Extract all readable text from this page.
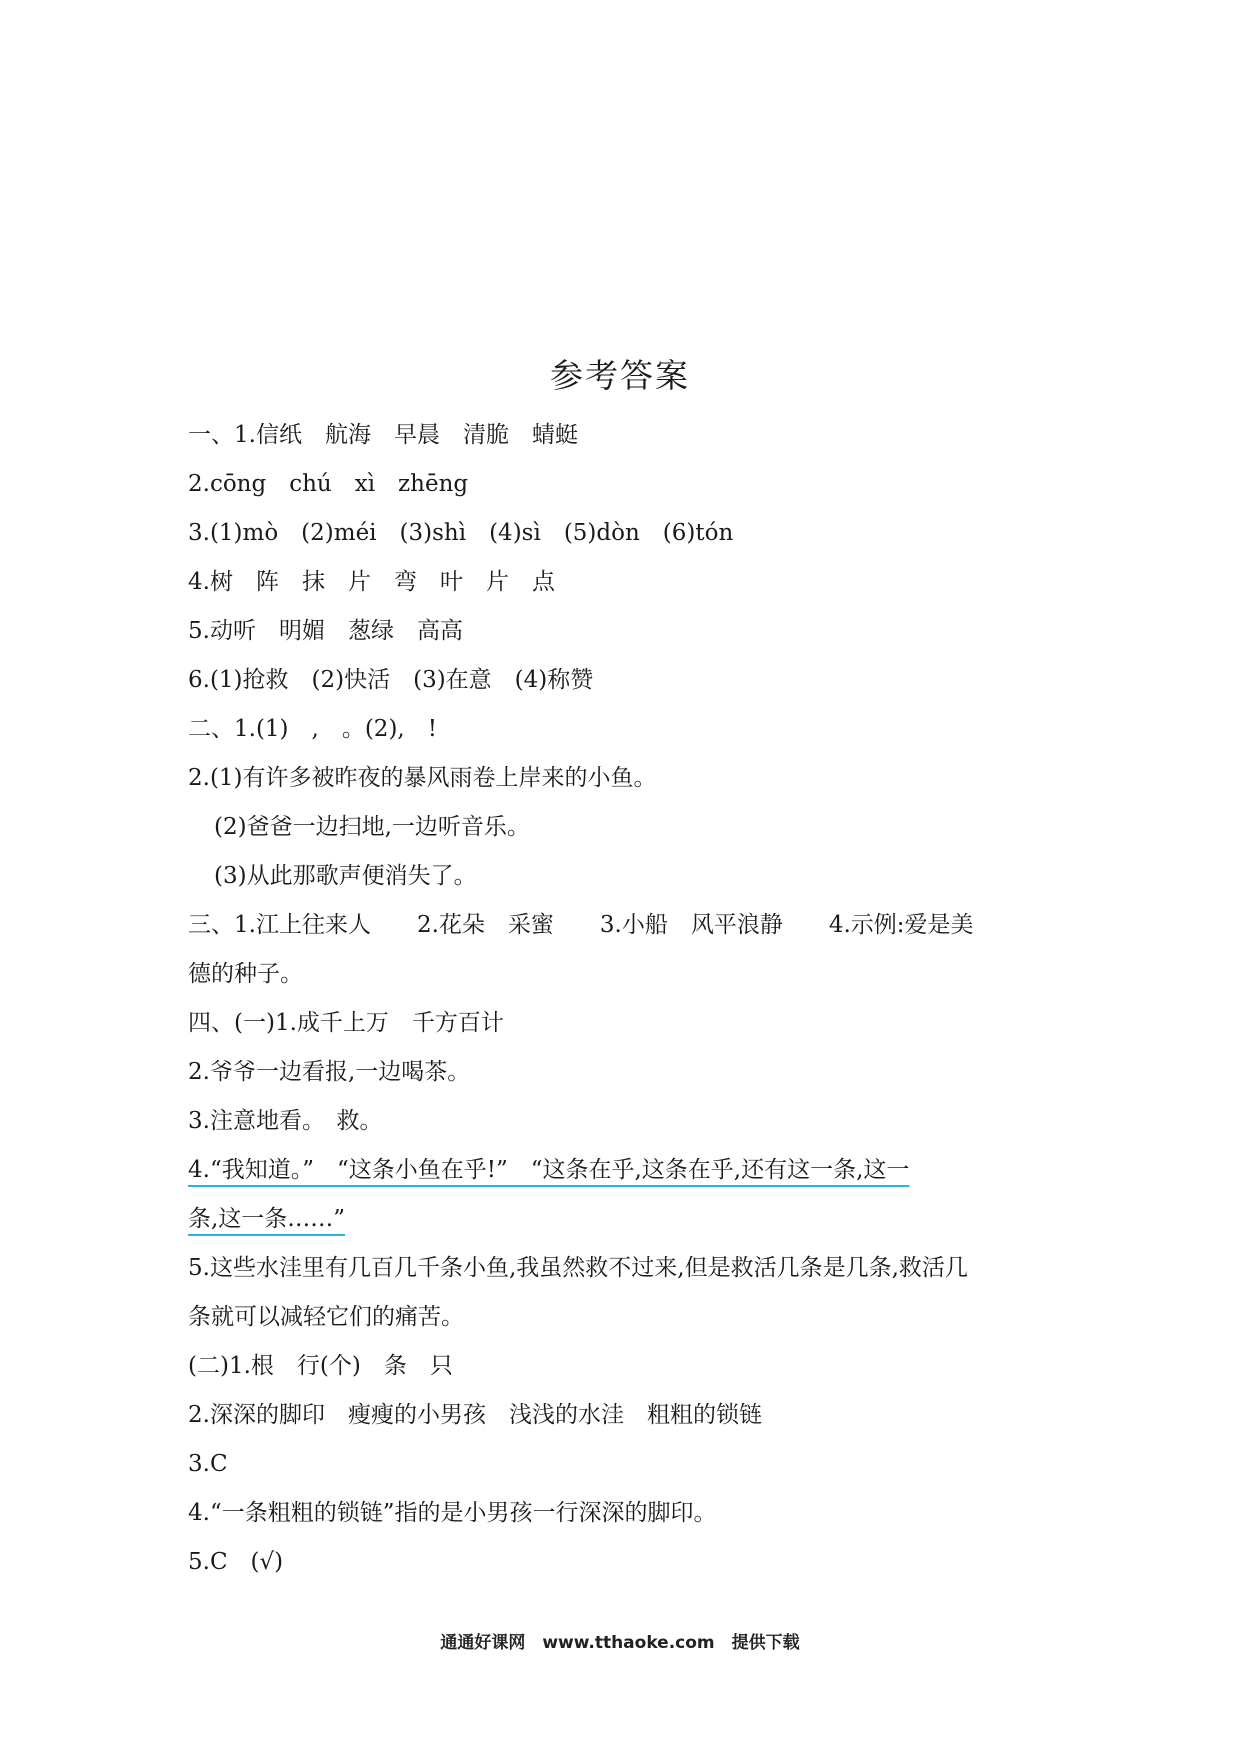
参考答案
一、1.信纸　航海　早晨　清脆　蜻蜓
2.cōng　chú　xì　zhēng
3.(1)mò　(2)méi　(3)shì　(4)sì　(5)dòn　(6)tón
4.树　阵　抹　片　弯　叶　片　点
5.动听　明媚　葱绿　高高
6.(1)抢救　(2)快活　(3)在意　(4)称赞
二、1.(1)　,　。(2),　!
2.(1)有许多被昨夜的暴风雨卷上岸来的小鱼。
(2)爸爸一边扫地,一边听音乐。
(3)从此那歌声便消失了。
三、1.江上往来人　　2.花朵　采蜜　　3.小船　风平浪静　　4.示例:爱是美
德的种子。
四、(一)1.成千上万　千方百计
2.爷爷一边看报,一边喝茶。
3.注意地看。　救。
4.“我知道。”　“这条小鱼在乎!”　“这条在乎,这条在乎,还有这一条,这一
条,这一条……”
5.这些水洼里有几百几千条小鱼,我虽然救不过来,但是救活几条是几条,救活几
条就可以减轻它们的痛苦。
(二)1.根　行(个)　条　只
2.深深的脚印　瘦瘦的小男孩　浅浅的水洼　粗粗的锁链
3.C
4.“一条粗粗的锁链”指的是小男孩一行深深的脚印。
5.C　(√)
通通好课网　www.tthaoke.com　提供下载
